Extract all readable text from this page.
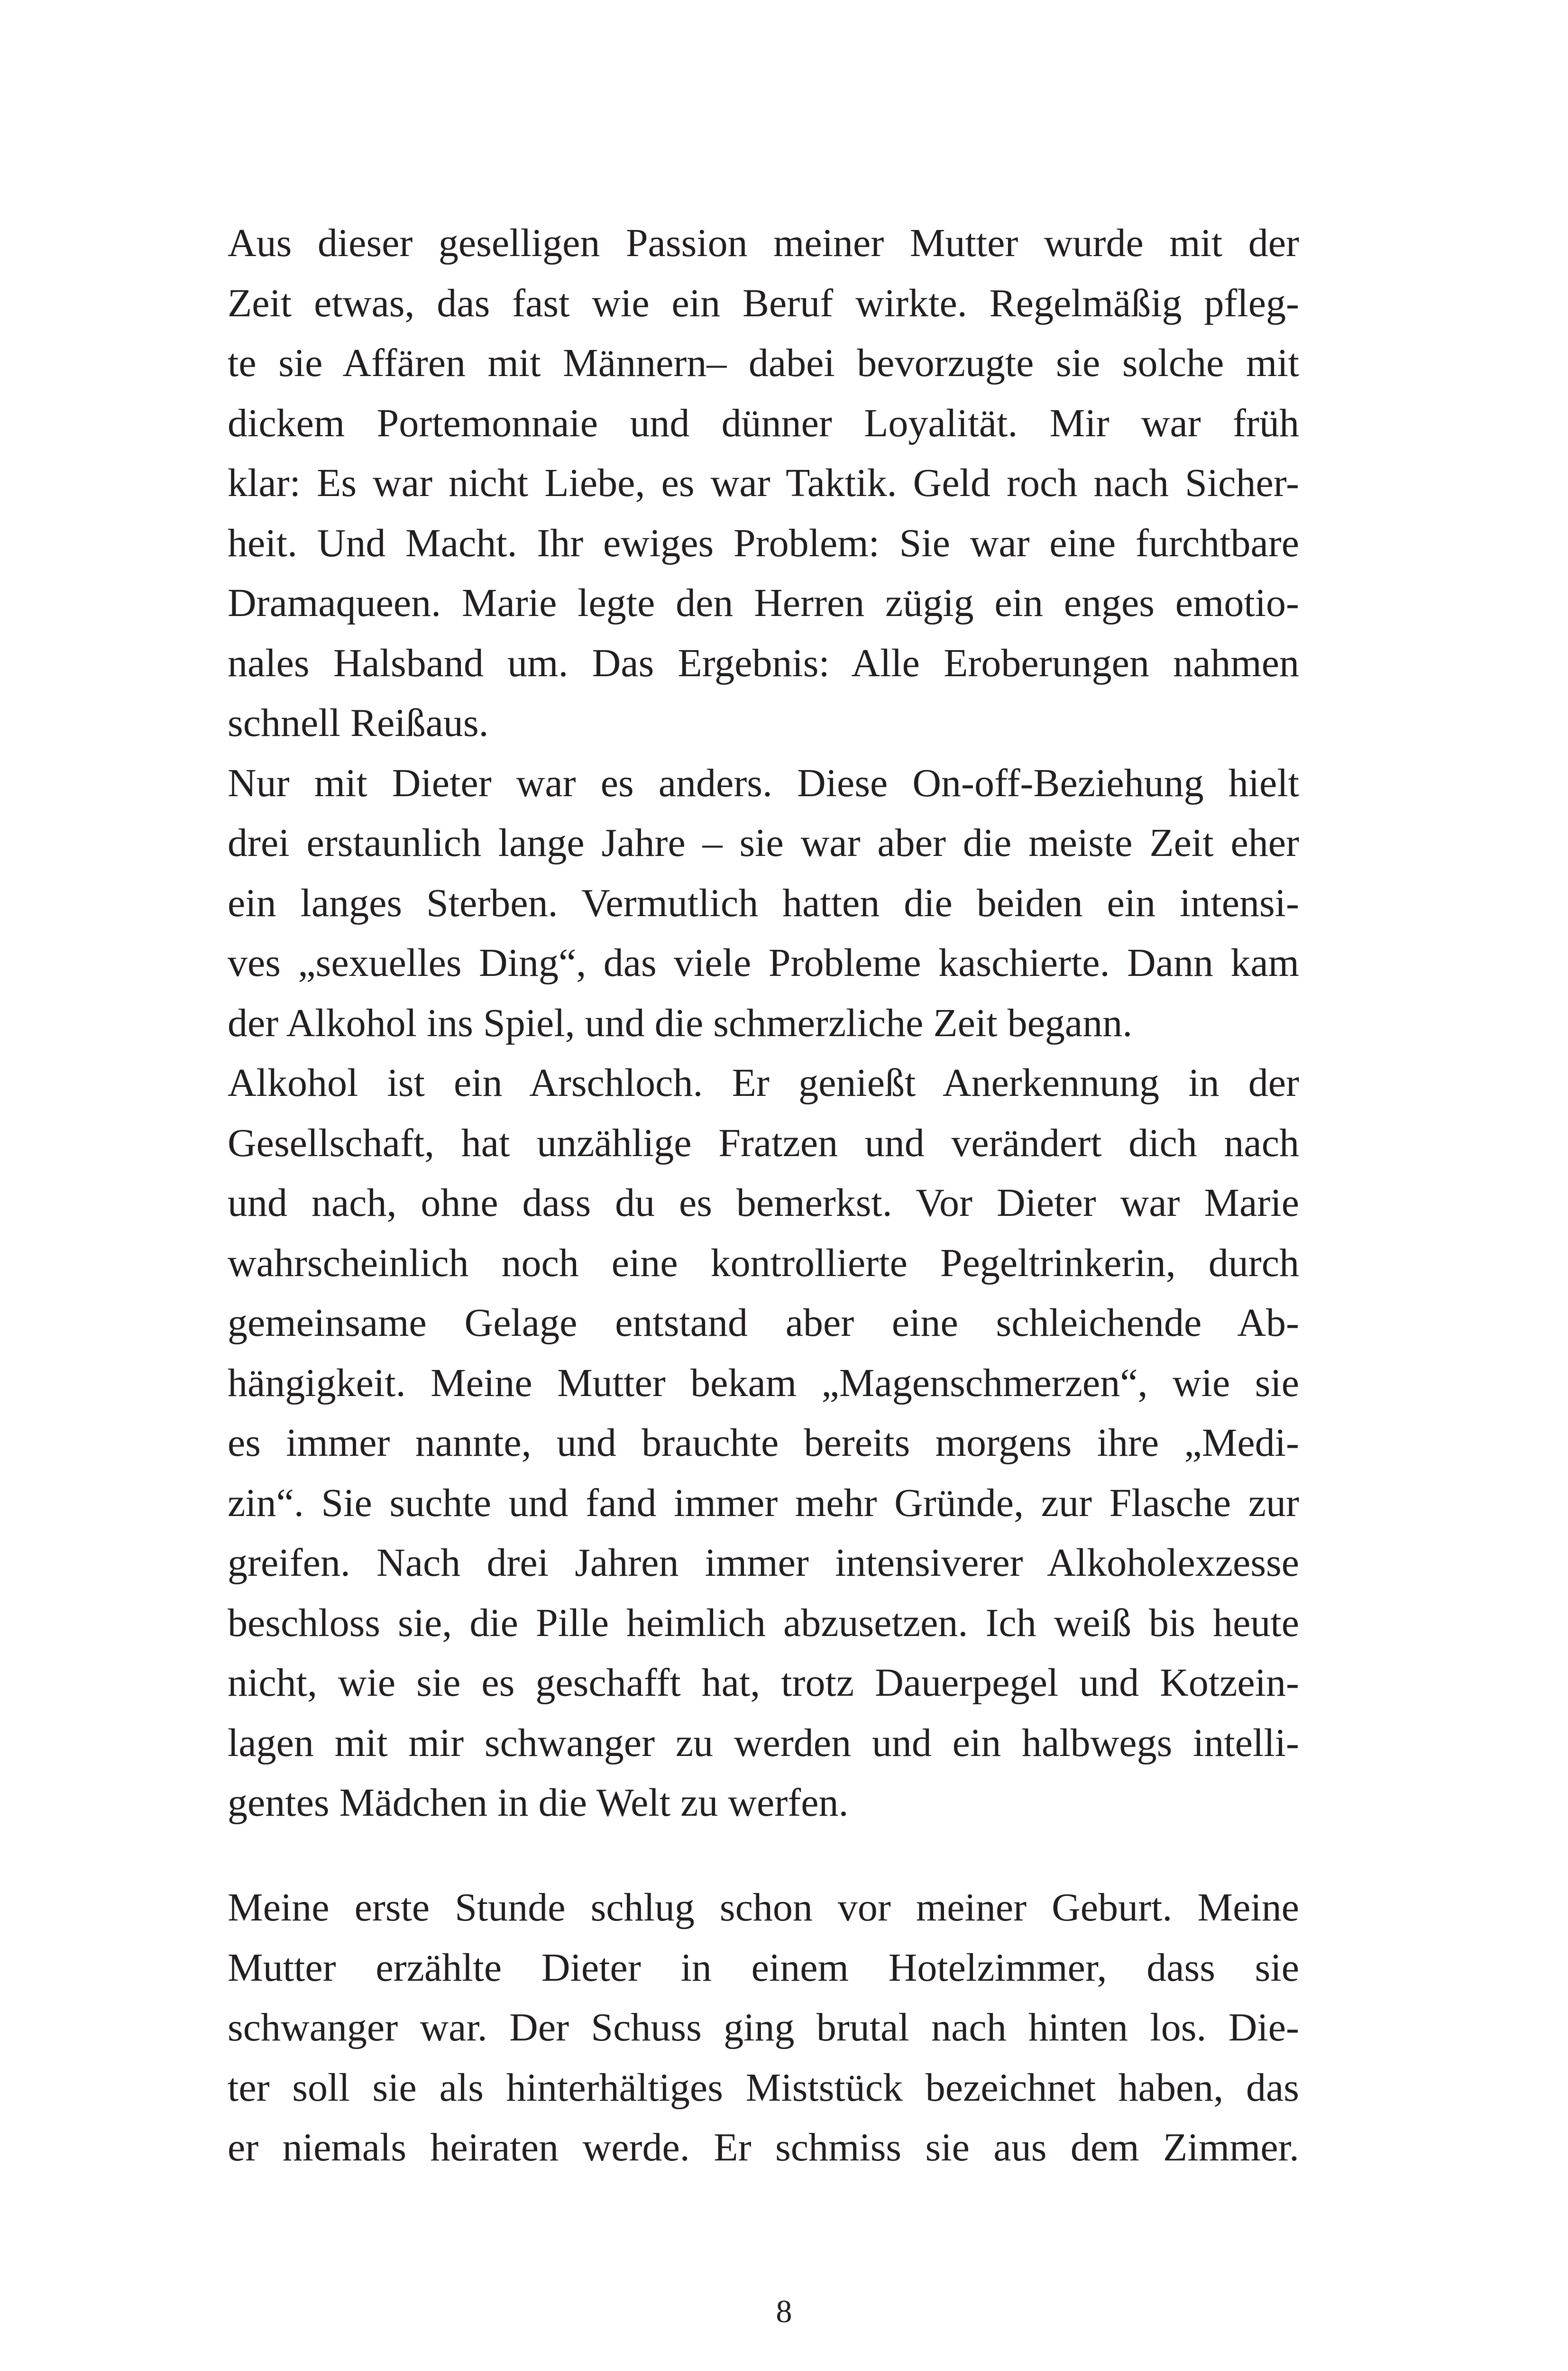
Aus dieser geselligen Passion meiner Mutter wurde mit der
Zeit etwas, das fast wie ein Beruf wirkte. Regelmäßig pfleg-
te sie Affären mit Männern– dabei bevorzugte sie solche mit
dickem Portemonnaie und dünner Loyalität. Mir war früh
klar: Es war nicht Liebe, es war Taktik. Geld roch nach Sicher-
heit. Und Macht. Ihr ewiges Problem: Sie war eine furchtbare
Dramaqueen. Marie legte den Herren zügig ein enges emotio-
nales Halsband um. Das Ergebnis: Alle Eroberungen nahmen
schnell Reißaus.
Nur mit Dieter war es anders. Diese On-off-Beziehung hielt
drei erstaunlich lange Jahre – sie war aber die meiste Zeit eher
ein langes Sterben. Vermutlich hatten die beiden ein intensi-
ves „sexuelles Ding“, das viele Probleme kaschierte. Dann kam
der Alkohol ins Spiel, und die schmerzliche Zeit begann.
Alkohol ist ein Arschloch. Er genießt Anerkennung in der
Gesellschaft, hat unzählige Fratzen und verändert dich nach
und nach, ohne dass du es bemerkst. Vor Dieter war Marie
wahrscheinlich noch eine kontrollierte Pegeltrinkerin, durch
gemeinsame Gelage entstand aber eine schleichende Ab-
hängigkeit. Meine Mutter bekam „Magenschmerzen“, wie sie
es immer nannte, und brauchte bereits morgens ihre „Medi-
zin“. Sie suchte und fand immer mehr Gründe, zur Flasche zur
greifen. Nach drei Jahren immer intensiverer Alkoholexzesse
beschloss sie, die Pille heimlich abzusetzen. Ich weiß bis heute
nicht, wie sie es geschafft hat, trotz Dauerpegel und Kotzein-
lagen mit mir schwanger zu werden und ein halbwegs intelli-
gentes Mädchen in die Welt zu werfen.
Meine erste Stunde schlug schon vor meiner Geburt. Meine
Mutter erzählte Dieter in einem Hotelzimmer, dass sie
schwanger war. Der Schuss ging brutal nach hinten los. Die-
ter soll sie als hinterhältiges Miststück bezeichnet haben, das
er niemals heiraten werde. Er schmiss sie aus dem Zimmer.
8
